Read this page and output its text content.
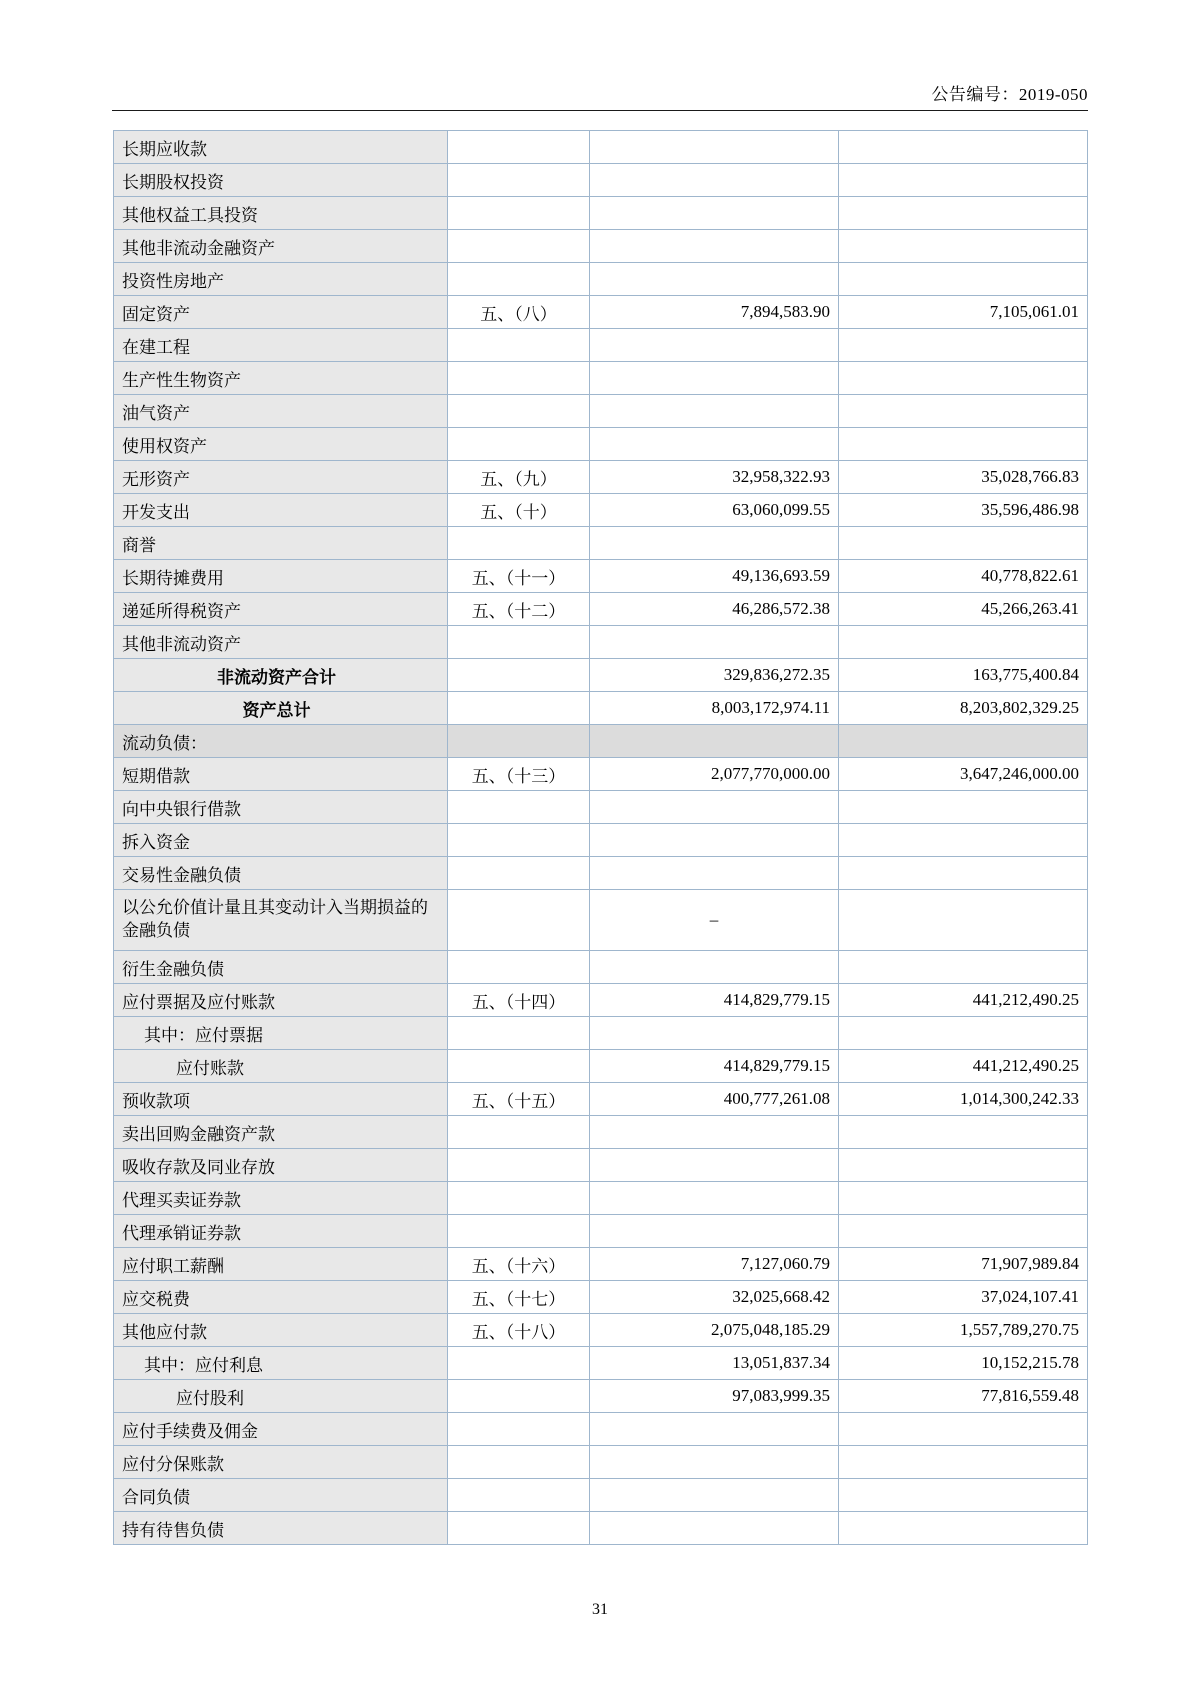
公告编号：2019-050
长期应收款			
长期股权投资			
其他权益工具投资			
其他非流动金融资产			
投资性房地产			
固定资产	五、（八）	7,894,583.90	7,105,061.01
在建工程			
生产性生物资产			
油气资产			
使用权资产			
无形资产	五、（九）	32,958,322.93	35,028,766.83
开发支出	五、（十）	63,060,099.55	35,596,486.98
商誉			
长期待摊费用	五、（十一）	49,136,693.59	40,778,822.61
递延所得税资产	五、（十二）	46,286,572.38	45,266,263.41
其他非流动资产			
非流动资产合计		329,836,272.35	163,775,400.84
资产总计		8,003,172,974.11	8,203,802,329.25
流动负债：			
短期借款	五、（十三）	2,077,770,000.00	3,647,246,000.00
向中央银行借款			
拆入资金			
交易性金融负债			
以公允价值计量且其变动计入当期损益的金融负债		–	
衍生金融负债			
应付票据及应付账款	五、（十四）	414,829,779.15	441,212,490.25
其中：应付票据			
应付账款		414,829,779.15	441,212,490.25
预收款项	五、（十五）	400,777,261.08	1,014,300,242.33
卖出回购金融资产款			
吸收存款及同业存放			
代理买卖证券款			
代理承销证券款			
应付职工薪酬	五、（十六）	7,127,060.79	71,907,989.84
应交税费	五、（十七）	32,025,668.42	37,024,107.41
其他应付款	五、（十八）	2,075,048,185.29	1,557,789,270.75
其中：应付利息		13,051,837.34	10,152,215.78
应付股利		97,083,999.35	77,816,559.48
应付手续费及佣金			
应付分保账款			
合同负债			
持有待售负债			
31
